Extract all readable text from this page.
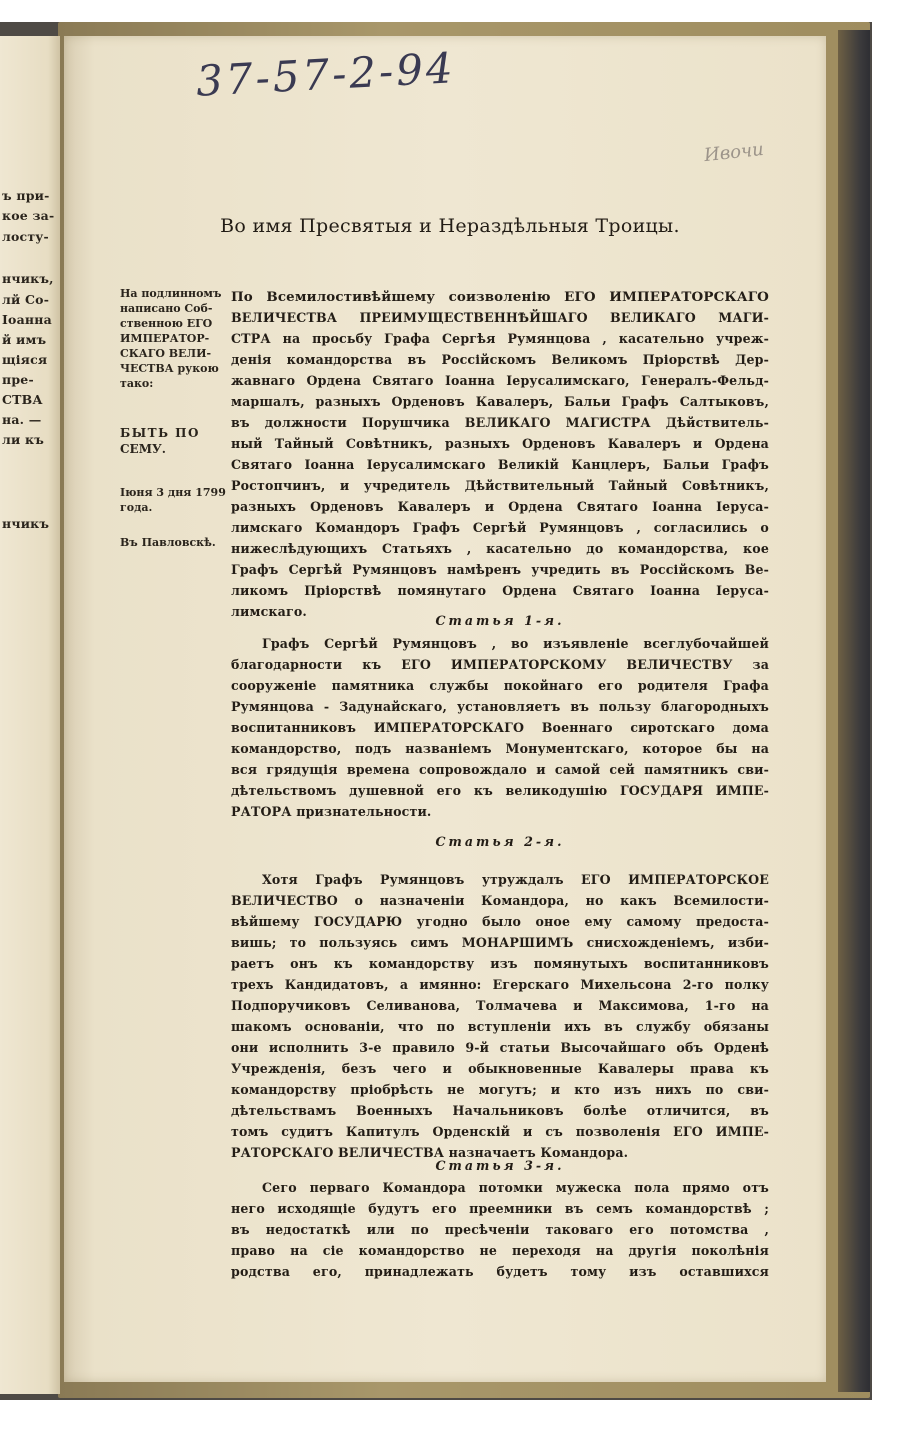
ъ при-
кое за-
лосту-
нчикъ,
лй Со-
Іоанна
й имъ
щіяся
пре-
СТВА
на. —
ли къ
нчикъ
37-57-2-94
Ивочи
Во имя Пресвятыя и Нераздѣльныя Троицы.
На подлинномъ
написано Соб-
ственною ЕГО
ИМПЕРАТОР-
СКАГО ВЕЛИ-
ЧЕСТВА рукою
тако:
БЫТЬ ПО
СЕМУ.
Іюня 3 дня 1799
года.
Въ Павловскѣ.
По Всемилостивѣйшему соизволенію ЕГО ИМПЕРАТОРСКАГО
ВЕЛИЧЕСТВА ПРЕИМУЩЕСТВЕННѢЙШАГО ВЕЛИКАГО МАГИ-
СТРА на просьбу Графа Сергѣя Румянцова , касательно учреж-
денія командорства въ Россійскомъ Великомъ Пріорствѣ Дер-
жавнаго Ордена Святаго Іоанна Іерусалимскаго, Генералъ-Фельд-
маршалъ, разныхъ Орденовъ Кавалеръ, Бальи Графъ Салтыковъ,
въ должности Порушчика ВЕЛИКАГО МАГИСТРА Дѣйствитель-
ный Тайный Совѣтникъ, разныхъ Орденовъ Кавалеръ и Ордена
Святаго Іоанна Іерусалимскаго Великій Канцлеръ, Бальи Графъ
Ростопчинъ, и учредитель Дѣйствительный Тайный Совѣтникъ,
разныхъ Орденовъ Кавалеръ и Ордена Святаго Іоанна Іеруса-
лимскаго Командоръ Графъ Сергѣй Румянцовъ , согласились о
нижеслѣдующихъ Статьяхъ , касательно до командорства, кое
Графъ Сергѣй Румянцовъ намѣренъ учредить въ Россійскомъ Ве-
ликомъ Пріорствѣ помянутаго Ордена Святаго Іоанна Іеруса-
лимскаго.
Статья 1-я.
Графъ Сергѣй Румянцовъ , во изъявленіе всеглубочайшей
благодарности къ ЕГО ИМПЕРАТОРСКОМУ ВЕЛИЧЕСТВУ за
сооруженіе памятника службы покойнаго его родителя Графа
Румянцова - Задунайскаго, установляетъ въ пользу благородныхъ
воспитанниковъ ИМПЕРАТОРСКАГО Военнаго сиротскаго дома
командорство, подъ названіемъ Монументскаго, которое бы на
вся грядущія времена сопровождало и самой сей памятникъ сви-
дѣтельствомъ душевной его къ великодушію ГОСУДАРЯ ИМПЕ-
РАТОРА признательности.
Статья 2-я.
Хотя Графъ Румянцовъ утруждалъ ЕГО ИМПЕРАТОРСКОЕ
ВЕЛИЧЕСТВО о назначеніи Командора, но какъ Всемилости-
вѣйшему ГОСУДАРЮ угодно было оное ему самому предоста-
вишь; то пользуясь симъ МОНАРШИМЪ снисхожденіемъ, изби-
раетъ онъ къ командорству изъ помянутыхъ воспитанниковъ
трехъ Кандидатовъ, а имянно: Егерскаго Михельсона 2-го полку
Подпоручиковъ Селиванова, Толмачева и Максимова, 1-го на
шакомъ основаніи, что по вступленіи ихъ въ службу обязаны
они исполнить 3-е правило 9-й статьи Высочайшаго объ Орденѣ
Учрежденія, безъ чего и обыкновенные Кавалеры права къ
командорству пріобрѣсть не могутъ; и кто изъ нихъ по сви-
дѣтельствамъ Военныхъ Начальниковъ болѣе отличится, въ
томъ судитъ Капитулъ Орденскій и съ позволенія ЕГО ИМПЕ-
РАТОРСКАГО ВЕЛИЧЕСТВА назначаетъ Командора.
Статья 3-я.
Сего перваго Командора потомки мужеска пола прямо отъ
него исходящіе будутъ его преемники въ семъ командорствѣ ;
въ недостаткѣ или по пресѣченіи таковаго его потомства ,
право на сіе командорство не переходя на другія поколѣнія
родства его, принадлежать будетъ тому изъ оставшихся
